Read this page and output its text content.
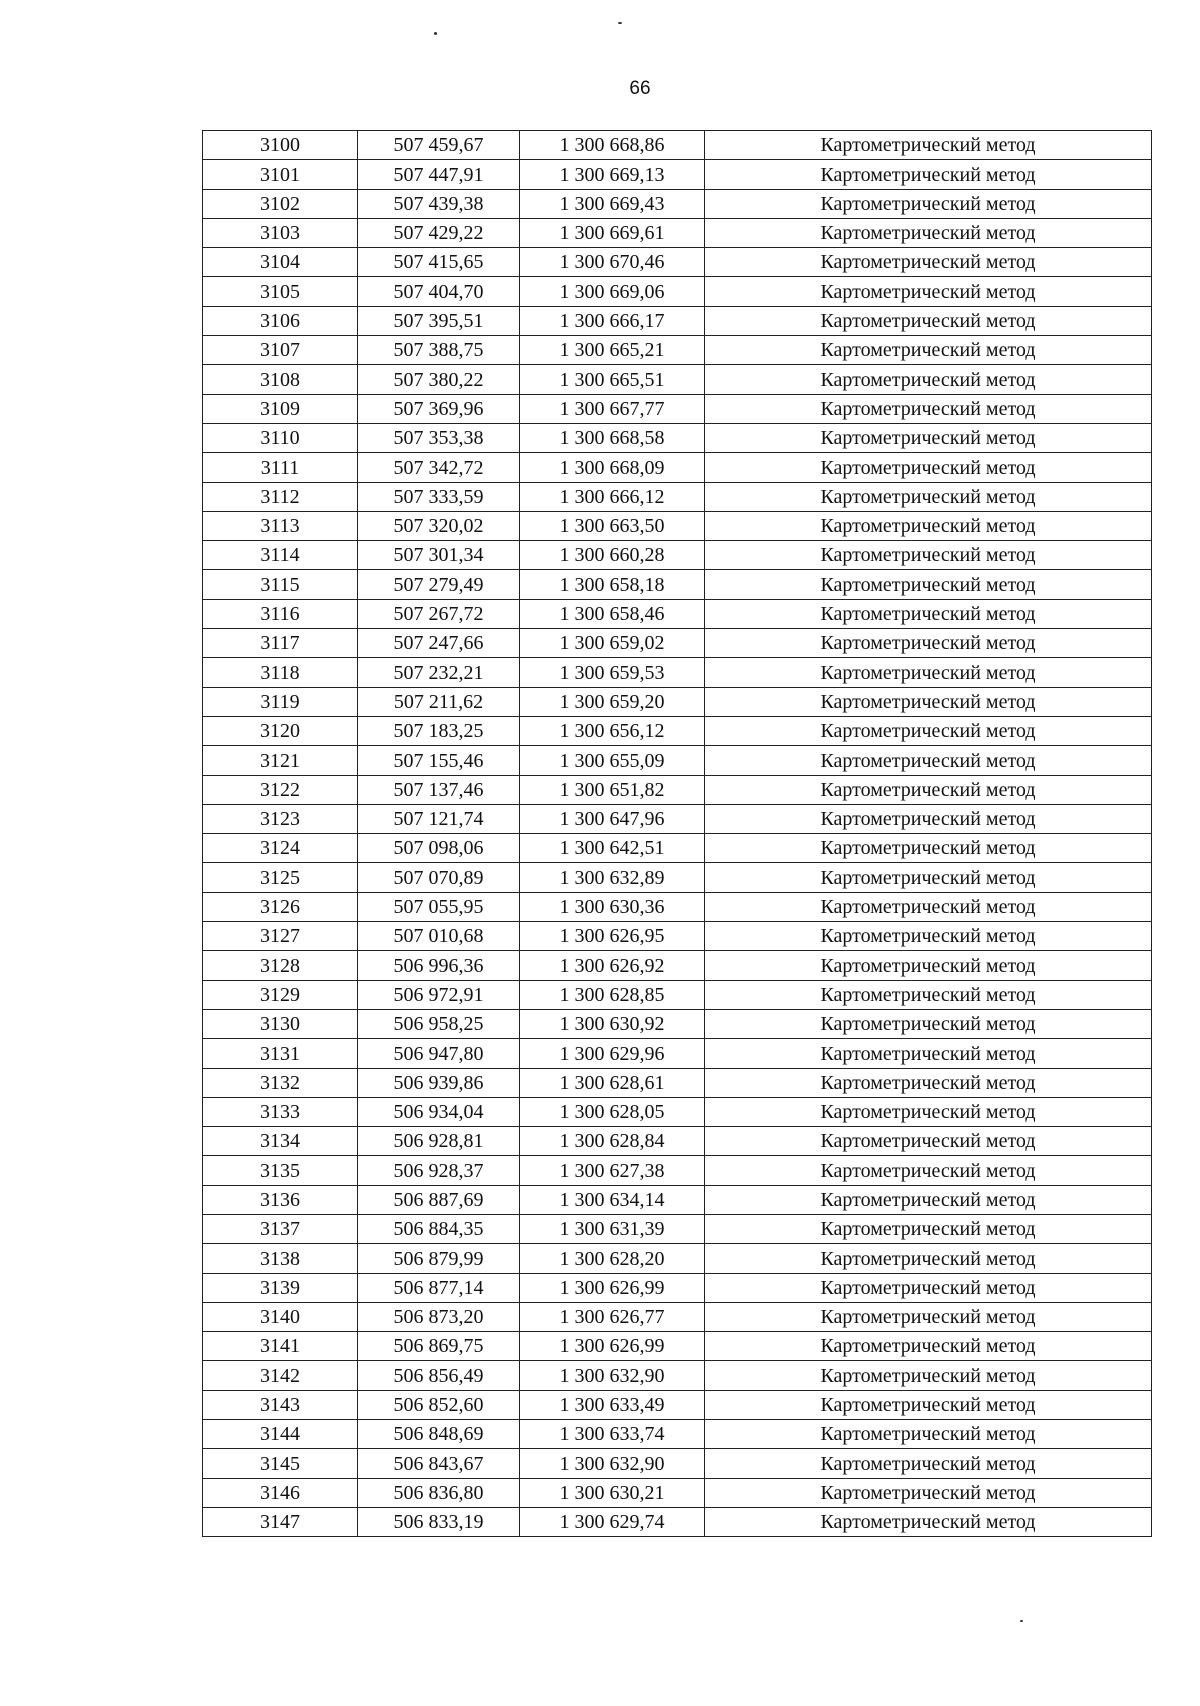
66
3100	507 459,67	1 300 668,86	Картометрический метод
3101	507 447,91	1 300 669,13	Картометрический метод
3102	507 439,38	1 300 669,43	Картометрический метод
3103	507 429,22	1 300 669,61	Картометрический метод
3104	507 415,65	1 300 670,46	Картометрический метод
3105	507 404,70	1 300 669,06	Картометрический метод
3106	507 395,51	1 300 666,17	Картометрический метод
3107	507 388,75	1 300 665,21	Картометрический метод
3108	507 380,22	1 300 665,51	Картометрический метод
3109	507 369,96	1 300 667,77	Картометрический метод
3110	507 353,38	1 300 668,58	Картометрический метод
3111	507 342,72	1 300 668,09	Картометрический метод
3112	507 333,59	1 300 666,12	Картометрический метод
3113	507 320,02	1 300 663,50	Картометрический метод
3114	507 301,34	1 300 660,28	Картометрический метод
3115	507 279,49	1 300 658,18	Картометрический метод
3116	507 267,72	1 300 658,46	Картометрический метод
3117	507 247,66	1 300 659,02	Картометрический метод
3118	507 232,21	1 300 659,53	Картометрический метод
3119	507 211,62	1 300 659,20	Картометрический метод
3120	507 183,25	1 300 656,12	Картометрический метод
3121	507 155,46	1 300 655,09	Картометрический метод
3122	507 137,46	1 300 651,82	Картометрический метод
3123	507 121,74	1 300 647,96	Картометрический метод
3124	507 098,06	1 300 642,51	Картометрический метод
3125	507 070,89	1 300 632,89	Картометрический метод
3126	507 055,95	1 300 630,36	Картометрический метод
3127	507 010,68	1 300 626,95	Картометрический метод
3128	506 996,36	1 300 626,92	Картометрический метод
3129	506 972,91	1 300 628,85	Картометрический метод
3130	506 958,25	1 300 630,92	Картометрический метод
3131	506 947,80	1 300 629,96	Картометрический метод
3132	506 939,86	1 300 628,61	Картометрический метод
3133	506 934,04	1 300 628,05	Картометрический метод
3134	506 928,81	1 300 628,84	Картометрический метод
3135	506 928,37	1 300 627,38	Картометрический метод
3136	506 887,69	1 300 634,14	Картометрический метод
3137	506 884,35	1 300 631,39	Картометрический метод
3138	506 879,99	1 300 628,20	Картометрический метод
3139	506 877,14	1 300 626,99	Картометрический метод
3140	506 873,20	1 300 626,77	Картометрический метод
3141	506 869,75	1 300 626,99	Картометрический метод
3142	506 856,49	1 300 632,90	Картометрический метод
3143	506 852,60	1 300 633,49	Картометрический метод
3144	506 848,69	1 300 633,74	Картометрический метод
3145	506 843,67	1 300 632,90	Картометрический метод
3146	506 836,80	1 300 630,21	Картометрический метод
3147	506 833,19	1 300 629,74	Картометрический метод
